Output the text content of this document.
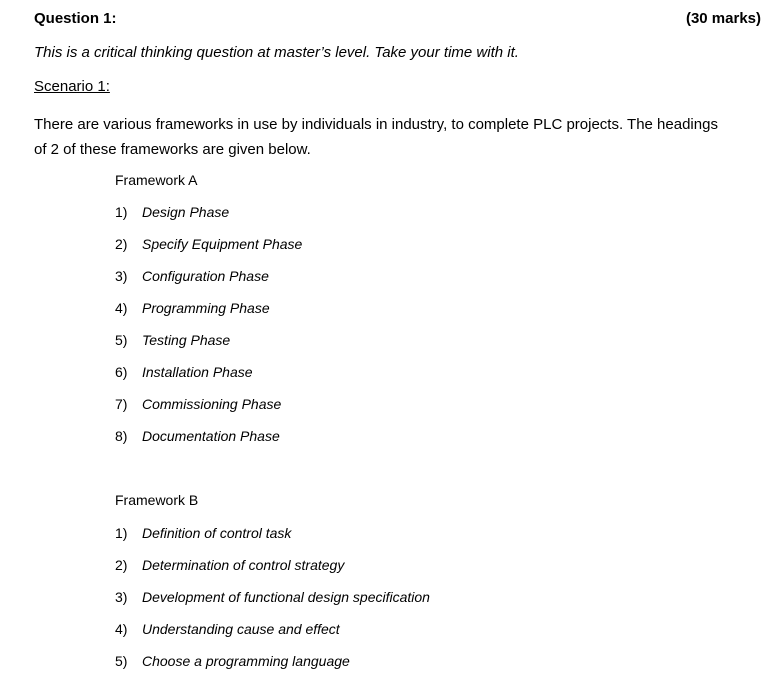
Question 1:	(30 marks)
This is a critical thinking question at master’s level. Take your time with it.
Scenario 1:
There are various frameworks in use by individuals in industry, to complete PLC projects. The headings of 2 of these frameworks are given below.
Framework A
1) Design Phase
2) Specify Equipment Phase
3) Configuration Phase
4) Programming Phase
5) Testing Phase
6) Installation Phase
7) Commissioning Phase
8) Documentation Phase
Framework B
1) Definition of control task
2) Determination of control strategy
3) Development of functional design specification
4) Understanding cause and effect
5) Choose a programming language
